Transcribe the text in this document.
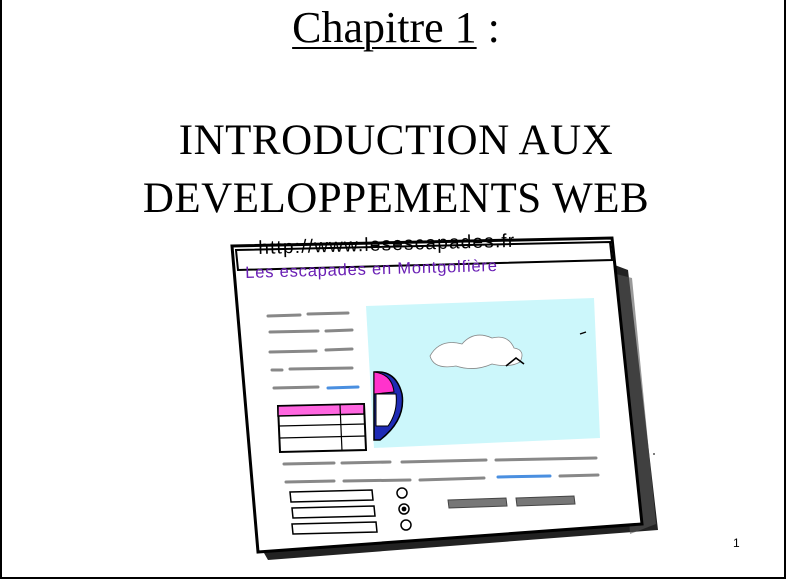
Chapitre 1 :
INTRODUCTION AUX
DEVELOPPEMENTS WEB
http://www.lesescapades.fr
Les escapades en Montgolfière
1
